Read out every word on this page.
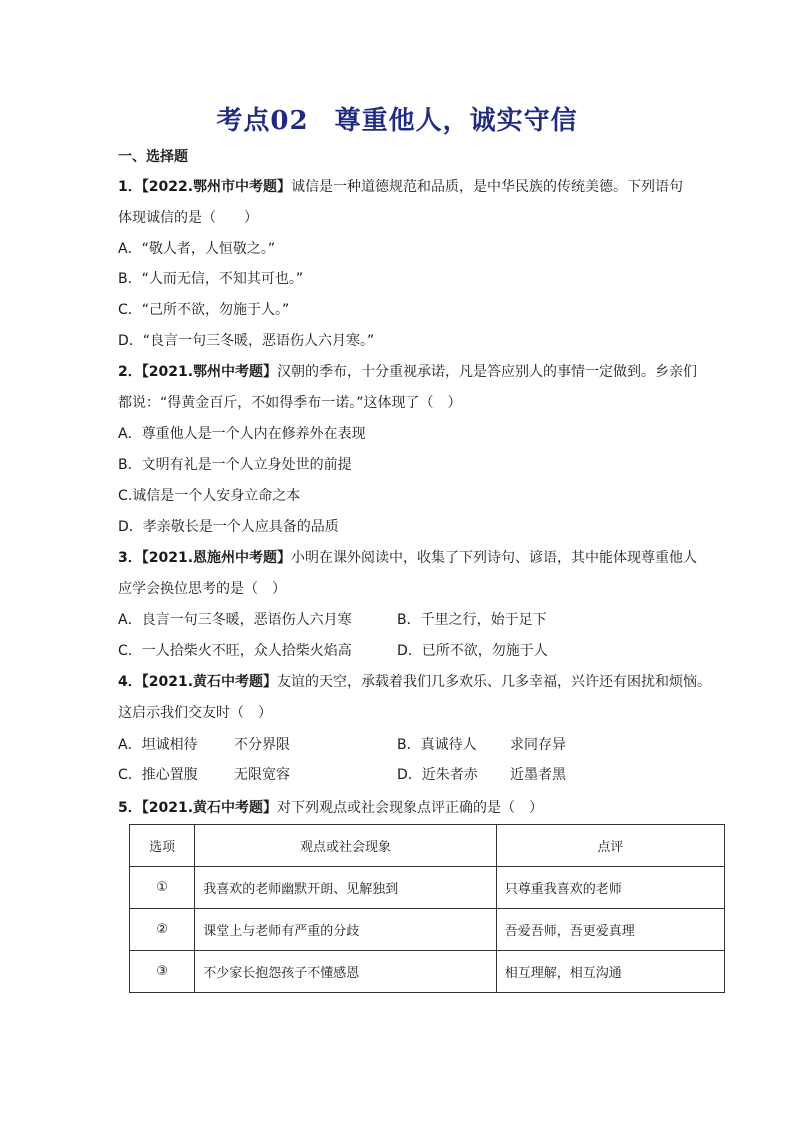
考点02 尊重他人，诚实守信
一、选择题
1．【2022.鄂州市中考题】诚信是一种道德规范和品质，是中华民族的传统美德。下列语句
体现诚信的是（　　）
A．“敬人者，人恒敬之。”
B．“人而无信，不知其可也。”
C．“己所不欲，勿施于人。”
D．“良言一句三冬暖，恶语伤人六月寒。”
2．【2021.鄂州中考题】汉朝的季布，十分重视承诺，凡是答应别人的事情一定做到。乡亲们
都说：“得黄金百斤，不如得季布一诺。”这体现了（　）
A．尊重他人是一个人内在修养外在表现
B．文明有礼是一个人立身处世的前提
C.诚信是一个人安身立命之本
D．孝亲敬长是一个人应具备的品质
3．【2021.恩施州中考题】小明在课外阅读中，收集了下列诗句、谚语，其中能体现尊重他人
应学会换位思考的是（　）
A．良言一句三冬暖，恶语伤人六月寒	B．千里之行，始于足下
C．一人拾柴火不旺，众人拾柴火焰高	D．已所不欲，勿施于人
4．【2021.黄石中考题】友谊的天空，承载着我们几多欢乐、几多幸福，兴许还有困扰和烦恼。
这启示我们交友时（　）
A．坦诚相待	不分界限	B．真诚待人 求同存异
C．推心置腹	无限宽容	D．近朱者赤 近墨者黑
5．【2021.黄石中考题】对下列观点或社会现象点评正确的是（　）
选项	观点或社会现象	点评
①	我喜欢的老师幽默开朗、见解独到	只尊重我喜欢的老师
②	课堂上与老师有严重的分歧	吾爱吾师，吾更爱真理
③	不少家长抱怨孩子不懂感恩	相互理解，相互沟通
